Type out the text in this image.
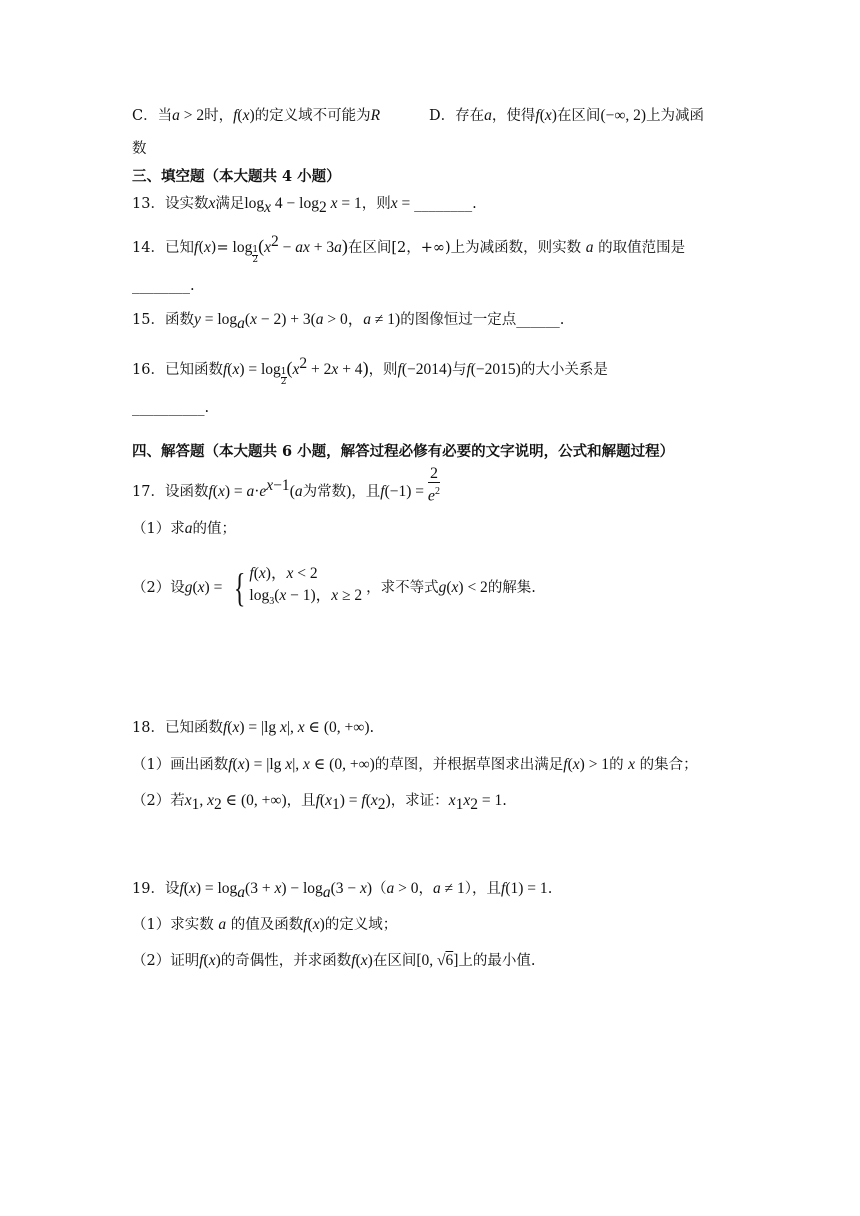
C．当a > 2时，f(x)的定义域不可能为R	D．存在a，使得f(x)在区间(−∞, 2)上为减函
数
三、填空题（本大题共 4 小题）
13．设实数x满足$\log_x 4 - \log_2 x = 1$，则x = ________.
14．已知$f(x)= \log \frac{1}{2} (x^2$ − ax + 3a)在区间[2，+∞)上为减函数，则实数 a 的取值范围是
________.
15．函数$y = \log_a(x - 2) + 3(a > 0$，a ≠ 1)的图像恒过一定点______.
16．已知函数$f(x) = \log \frac{1}{2} (x^2 + 2x + 4)$，则f(−2014)与f(−2015)的大小关系是
__________.
四、解答题（本大题共 6 小题，解答过程必修有必要的文字说明，公式和解题过程）
17．设函数$f(x) = a\cdot e^{x-1}(a$为常数)，且$f(-1) = \frac{2}{e^2}$
（1）求a的值；
（2）设g(x) = { f(x)，x < 2
$\log_3(x - 1)$，x ≥ 2 ，求不等式g(x) < 2的解集.
18．已知函数f(x) = |lg x|, x ∈ (0, +∞).
（1）画出函数f(x) = |lg x|, x ∈ (0, +∞)的草图，并根据草图求出满足f(x) > 1的 x 的集合；
（2）若$x_1$, $x_2$ ∈ (0, +∞)，且$f(x_1) = f(x_2)$，求证：$x_1x_2 = 1$.
19．设$f(x) = \log_a(3 + x) - \log_a(3 - x)(a > 0$，a ≠ 1），且f(1) = 1.
（1）求实数 a 的值及函数f(x)的定义域；
（2）证明f(x)的奇偶性，并求函数f(x)在区间[0, √6]上的最小值.
